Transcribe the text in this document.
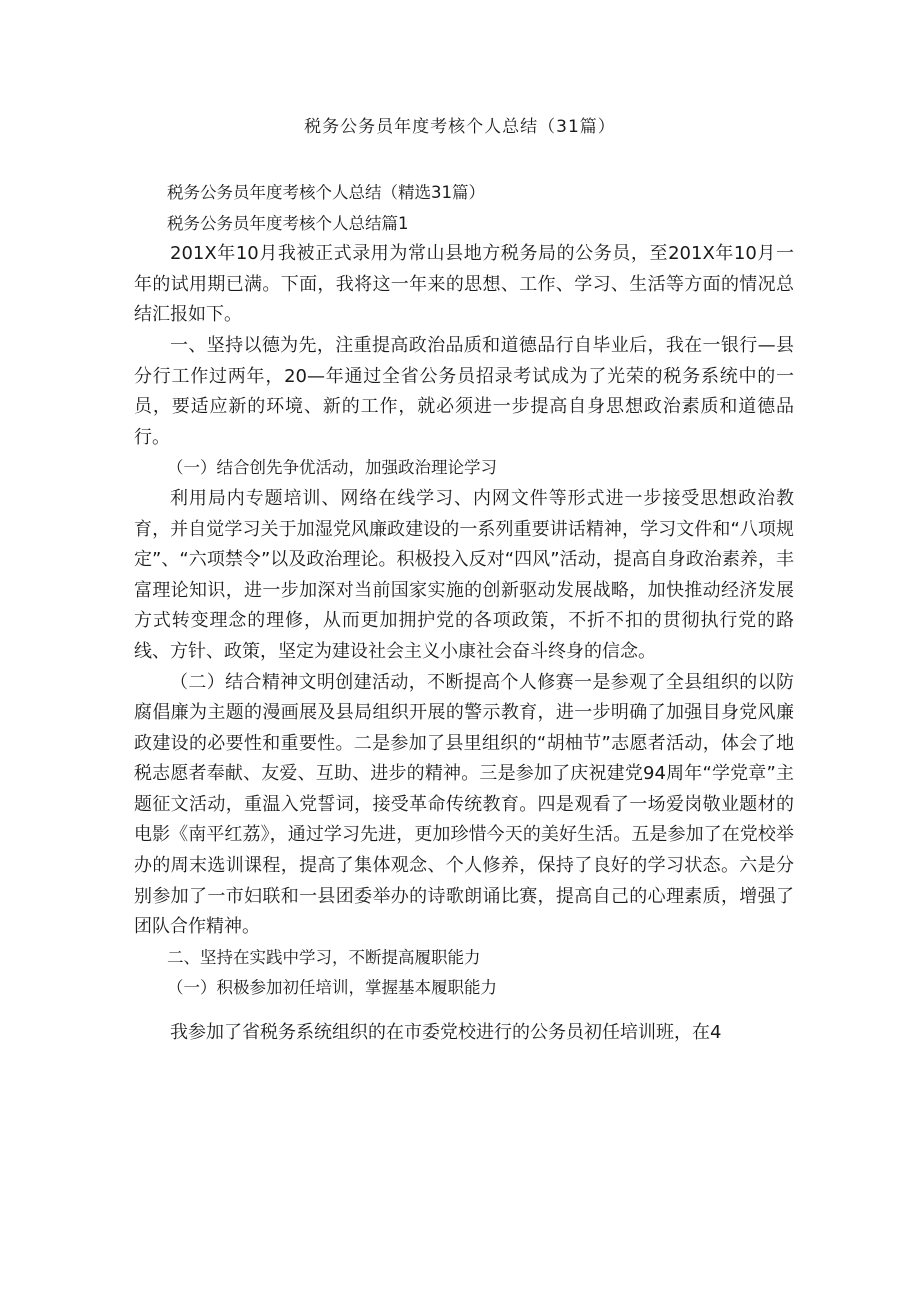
税务公务员年度考核个人总结（31篇）

税务公务员年度考核个人总结（精选31篇）

税务公务员年度考核个人总结篇1

201X年10月我被正式录用为常山县地方税务局的公务员，至201X年10月一年的试用期已满。下面，我将这一年来的思想、工作、学习、生活等方面的情况总结汇报如下。

一、坚持以德为先，注重提高政治品质和道德品行自毕业后，我在一银行—县分行工作过两年，20—年通过全省公务员招录考试成为了光荣的税务系统中的一员，要适应新的环境、新的工作，就必须进一步提高自身思想政治素质和道德品行。

（一）结合创先争优活动，加强政治理论学习

利用局内专题培训、网络在线学习、内网文件等形式进一步接受思想政治教育，并自觉学习关于加湿党风廉政建设的一系列重要讲话精神，学习文件和“八项规定”、“六项禁令”以及政治理论。积极投入反对“四风”活动，提高自身政治素养，丰富理论知识，进一步加深对当前国家实施的创新驱动发展战略，加快推动经济发展方式转变理念的理修，从而更加拥护党的各项政策，不折不扣的贯彻执行党的路线、方针、政策，坚定为建设社会主义小康社会奋斗终身的信念。

（二）结合精神文明创建活动，不断提高个人修赛一是参观了全县组织的以防腐倡廉为主题的漫画展及县局组织开展的警示教育，进一步明确了加强目身党风廉政建设的必要性和重要性。二是参加了县里组织的“胡柚节”志愿者活动，体会了地税志愿者奉献、友爱、互助、进步的精神。三是参加了庆祝建党94周年“学党章”主题征文活动，重温入党誓词，接受革命传统教育。四是观看了一场爱岗敬业题材的电影《南平红荔》，通过学习先进，更加珍惜今天的美好生活。五是参加了在党校举办的周末选训课程，提高了集体观念、个人修养，保持了良好的学习状态。六是分别参加了一市妇联和一县团委举办的诗歌朗诵比赛，提高自己的心理素质，增强了团队合作精神。

二、坚持在实践中学习，不断提高履职能力

（一）积极参加初任培训，掌握基本履职能力

我参加了省税务系统组织的在市委党校进行的公务员初任培训班，在4
